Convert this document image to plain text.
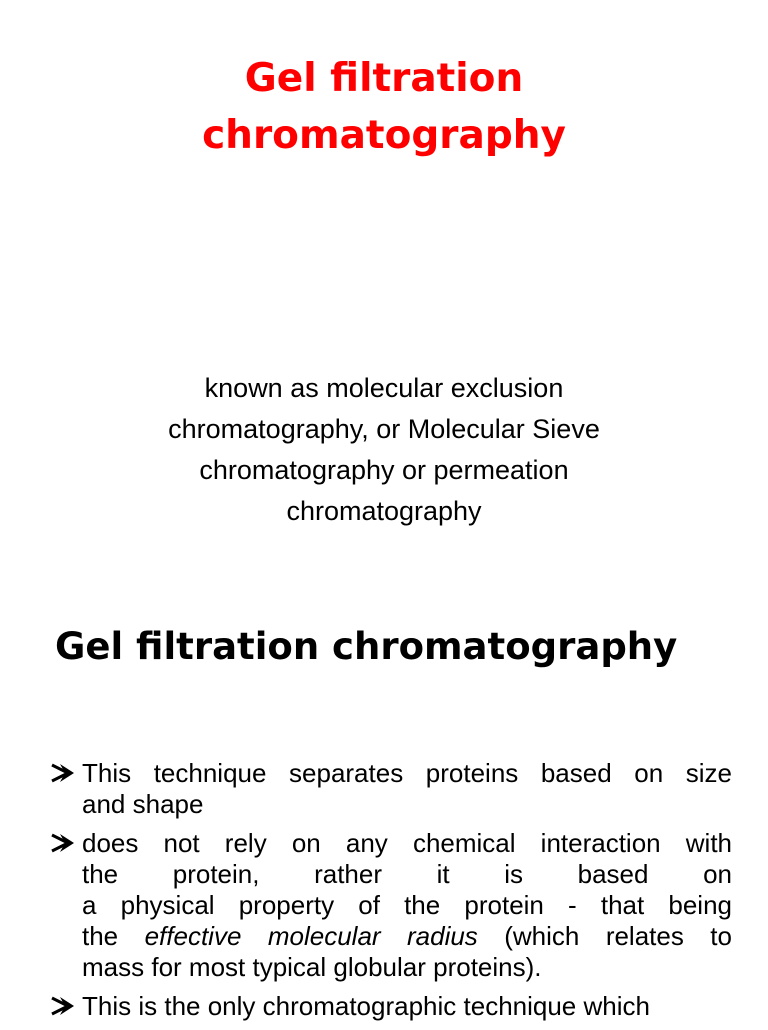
Gel filtration
chromatography
known as molecular exclusion
chromatography, or Molecular Sieve
chromatography or permeation
chromatography
Gel filtration chromatography
This technique separates proteins based on size
and shape
does not rely on any chemical interaction with
the protein, rather it is based on
a physical property of the protein - that being
the effective molecular radius (which relates to
mass for most typical globular proteins).
This is the only chromatographic technique which
